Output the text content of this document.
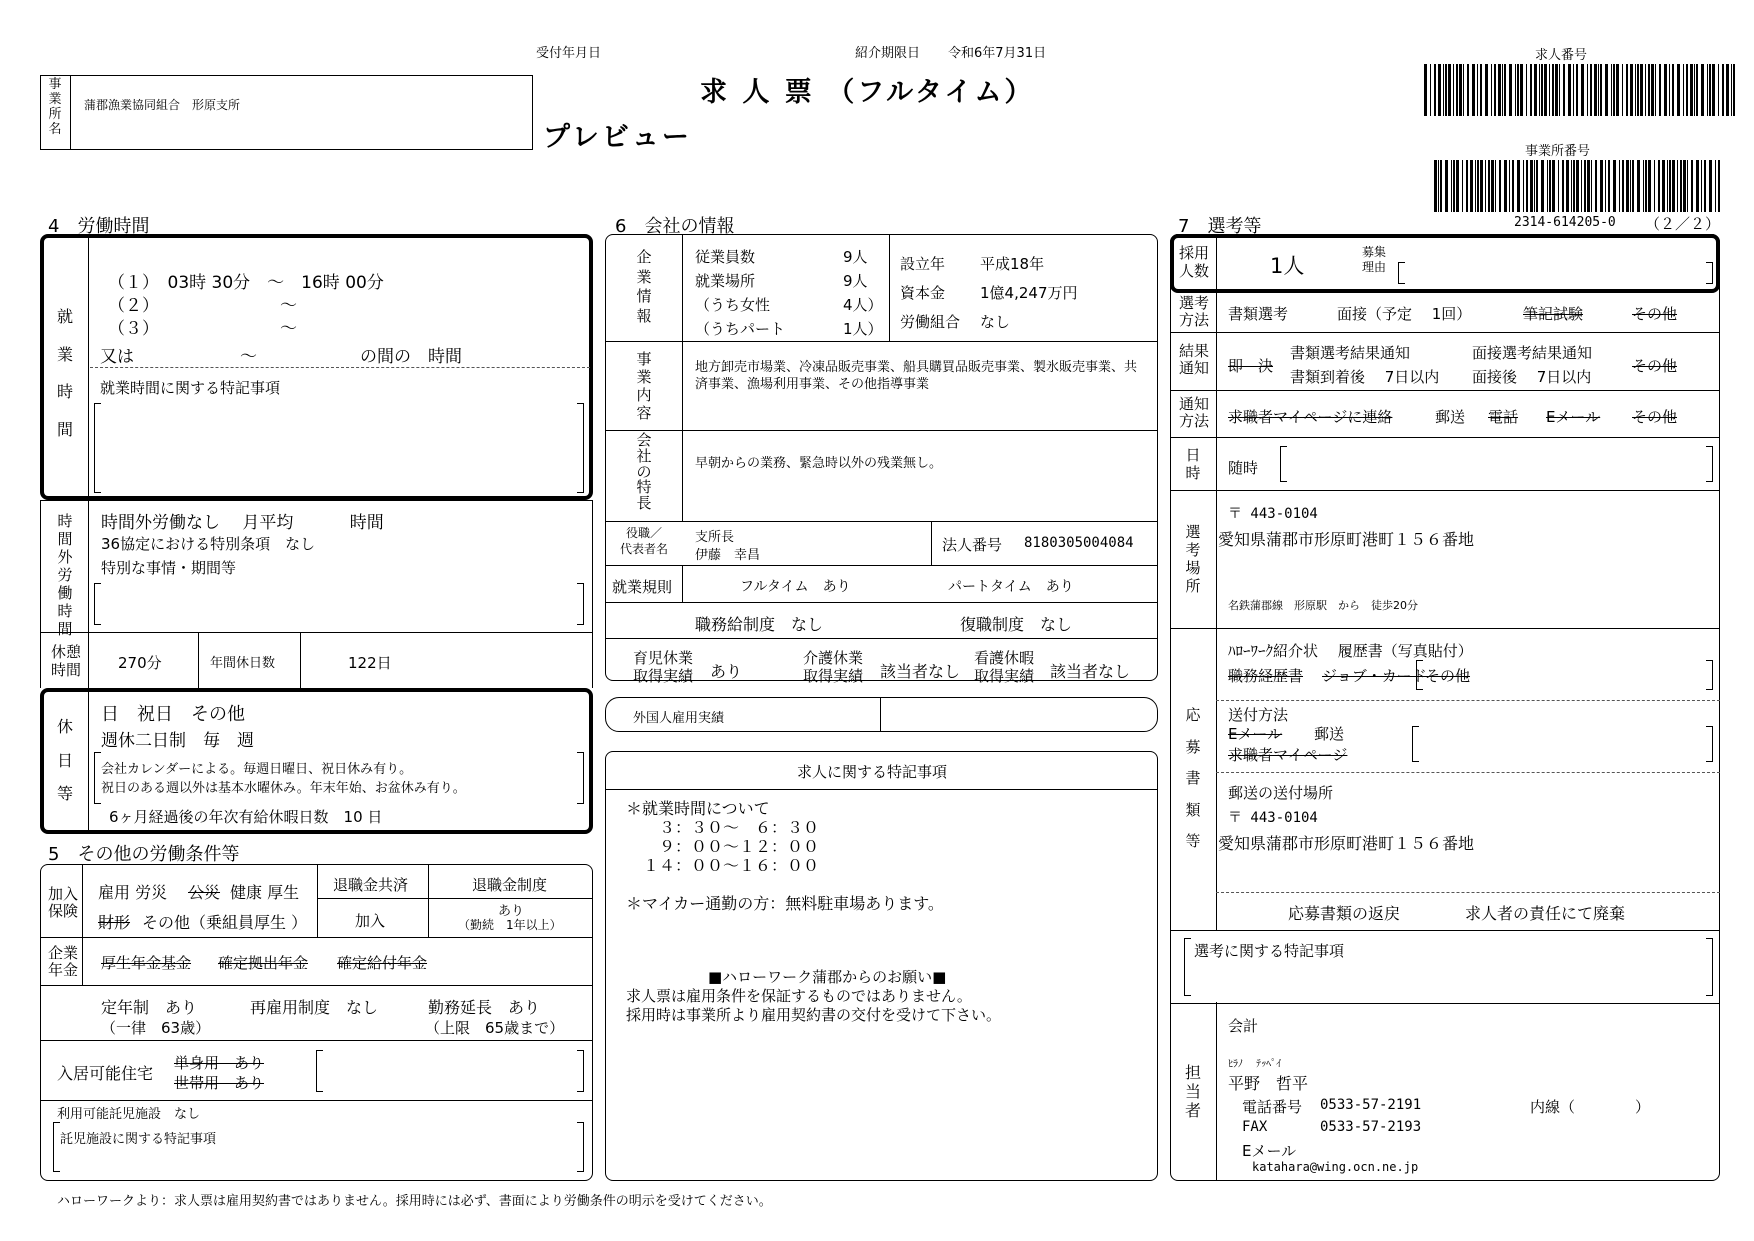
受付年月日	紹介期限日 令和6年7月31日
求 人 票 （フルタイム）
プレビュー
事業所名
蒲郡漁業協同組合　形原支所
求人番号
事業所番号
2314-614205-0 （２／２）
4　労働時間
就業時間
（１）　03時 30分　〜　16時 00分
（２）	〜
（３）	〜
又は	〜	の間の　時間
就業時間に関する特記事項
時間外労働時間
時間外労働なし　 月平均 　　　時間
36協定における特別条項　なし
特別な事情・期間等
休憩時間 270分	年間休日数	122日
休日等
日　祝日　その他
週休二日制　毎　週
会社カレンダーによる。毎週日曜日、祝日休み有り。
祝日のある週以外は基本水曜休み。年末年始、お盆休み有り。
6ヶ月経過後の年次有給休暇日数　10 日
5　その他の労働条件等
加入保険
雇用 労災 公災 健康 厚生
財形 その他（乗組員厚生 ）
退職金共済	退職金制度
加入
あり
（勤続　1年以上）
企業年金 厚生年金基金 確定拠出年金 確定給付年金
定年制　あり
（一律　63歳）
再雇用制度　なし	勤務延長　あり
（上限　65歳まで）
入居可能住宅
単身用　あり
世帯用　あり
利用可能託児施設　なし
託児施設に関する特記事項
6　会社の情報
企業情報
従業員数	9人
就業場所	9人
（うち女性	4人）
（うちパート	1人）
設立年 平成18年
資本金 1億4,247万円
労働組合 なし
事業内容
地方卸売市場業、冷凍品販売事業、船具購買品販売事業、製氷販売事業、共済事業、漁場利用事業、その他指導事業
会社の特長
早朝からの業務、緊急時以外の残業無し。
役職／
代表者名
支所長
伊藤　幸昌
法人番号 8180305004084
就業規則	フルタイム　あり	パートタイム　あり
職務給制度　なし	復職制度　なし
育児休業
取得実績 あり
介護休業
取得実績 該当者なし
看護休暇
取得実績 該当者なし
外国人雇用実績
求人に関する特記事項
＊就業時間について
　３：３０〜　６：３０
　９：００〜１２：００
１４：００〜１６：００
＊マイカー通勤の方：無料駐車場あります。
■ハローワーク蒲郡からのお願い■
求人票は雇用条件を保証するものではありません。
採用時は事業所より雇用契約書の交付を受けて下さい。
7　選考等
採用人数	1人
募集理由
選考方法	書類選考	面接（予定　 1回）	筆記試験	その他
結果通知	即　決
書類選考結果通知
書類到着後　 7日以内
面接選考結果通知
面接後　 7日以内
その他
通知方法	求職者マイページに連絡	郵送 電話 Eメール その他
日時 随時
選考場所
〒 443-0104
愛知県蒲郡市形原町港町１５６番地
名鉄蒲郡線　形原駅　から　徒歩20分
応募書類等
ﾊﾛｰﾜｰｸ紹介状　 履歴書（写真貼付）
職務経歴書 ジョブ・カード
その他
送付方法
Eメール 郵送
求職者マイページ
郵送の送付場所
〒 443-0104
愛知県蒲郡市形原町港町１５６番地
応募書類の返戻	求人者の責任にて廃棄
選考に関する特記事項
担当者
会計
ﾋﾗﾉ　 ﾃｯﾍﾟｲ
平野　哲平
電話番号 0533-57-2191	内線（　　　　）
FAX	0533-57-2193
Eメール
katahara@wing.ocn.ne.jp
ハローワークより：求人票は雇用契約書ではありません。採用時には必ず、書面により労働条件の明示を受けてください。
